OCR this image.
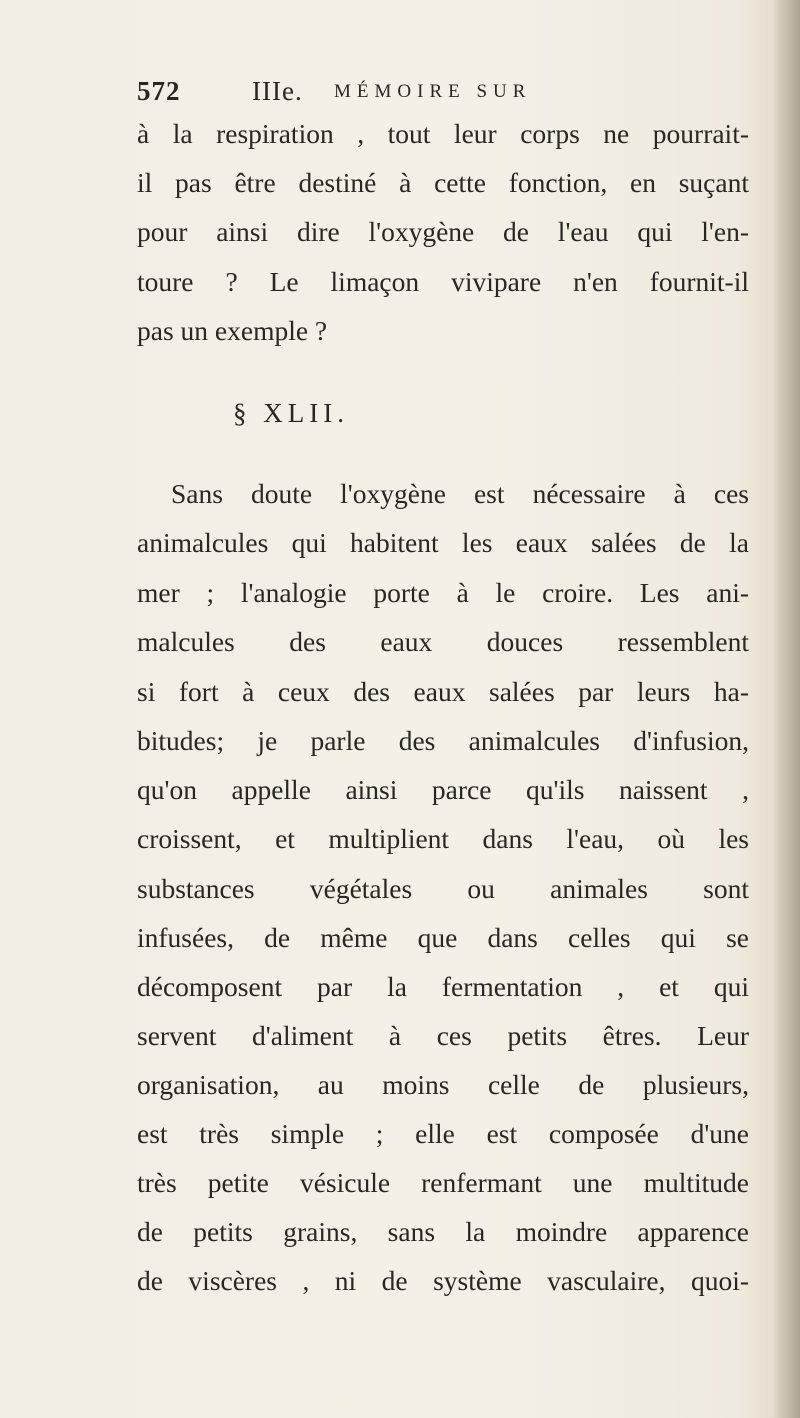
572	IIIe. MÉMOIRE SUR
à la respiration , tout leur corps ne pourrait-
il pas être destiné à cette fonction, en suçant
pour ainsi dire l'oxygène de l'eau qui l'en-
toure ? Le limaçon vivipare n'en fournit-il
pas un exemple ?
§ XLII.
Sans doute l'oxygène est nécessaire à ces
animalcules qui habitent les eaux salées de la
mer ; l'analogie porte à le croire. Les ani-
malcules des eaux douces ressemblent
si fort à ceux des eaux salées par leurs ha-
bitudes; je parle des animalcules d'infusion,
qu'on appelle ainsi parce qu'ils naissent ,
croissent, et multiplient dans l'eau, où les
substances végétales ou animales sont
infusées, de même que dans celles qui se
décomposent par la fermentation , et qui
servent d'aliment à ces petits êtres. Leur
organisation, au moins celle de plusieurs,
est très simple ; elle est composée d'une
très petite vésicule renfermant une multitude
de petits grains, sans la moindre apparence
de viscères , ni de système vasculaire, quoi-
